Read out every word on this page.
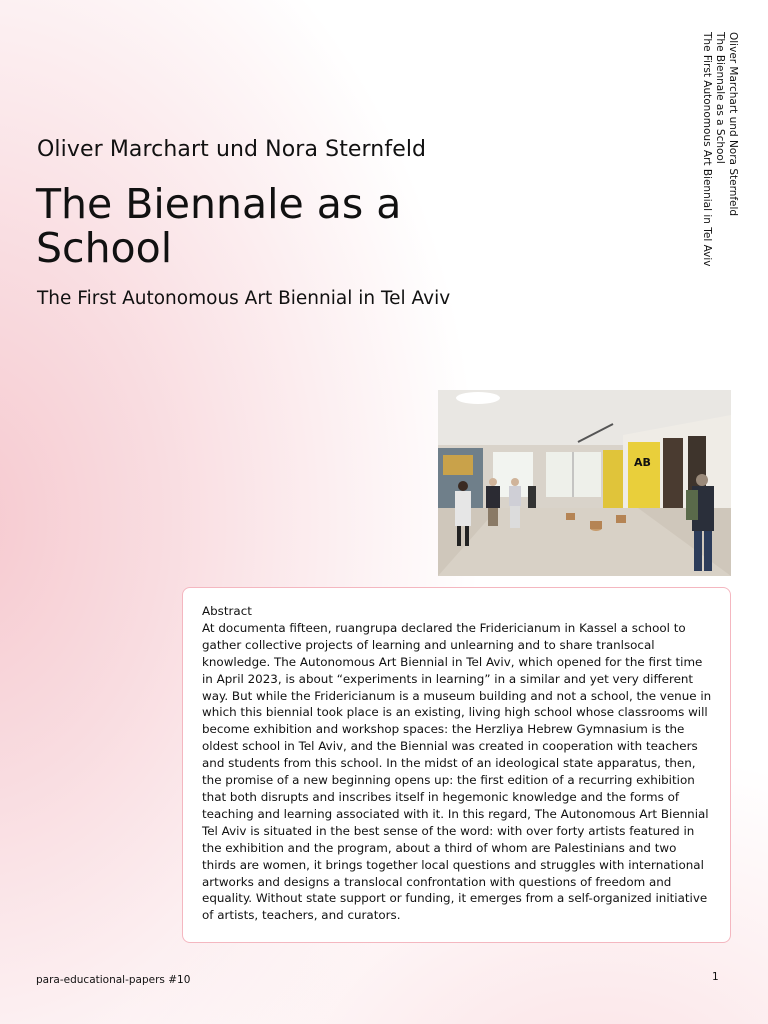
Oliver Marchart und Nora Sternfeld
The Biennale as a School
The First Autonomous Art Biennial in Tel Aviv
Oliver Marchart und Nora Sternfeld
The Biennale as a School
The First Autonomous Art Biennial in Tel Aviv
AB
Abstract
At documenta fifteen, ruangrupa declared the Fridericianum in Kassel a school to gather collective projects of learning and unlearning and to share tranlsocal knowledge. The Autonomous Art Biennial in Tel Aviv, which opened for the first time in April 2023, is about “experiments in learning” in a similar and yet very different way. But while the Fridericianum is a museum building and not a school, the venue in which this biennial took place is an existing, living high school whose classrooms will become exhibition and workshop spaces: the Herzliya Hebrew Gymnasium is the oldest school in Tel Aviv, and the Biennial was created in cooperation with teachers and students from this school. In the midst of an ideological state apparatus, then, the promise of a new beginning opens up: the first edition of a recurring exhibition that both disrupts and inscribes itself in hegemonic knowledge and the forms of teaching and learning associated with it. In this regard, The Autonomous Art Biennial Tel Aviv is situated in the best sense of the word: with over forty artists featured in the exhibition and the program, about a third of whom are Palestinians and two thirds are women, it brings together local questions and struggles with international artworks and designs a translocal confrontation with questions of freedom and equality. Without state support or funding, it emerges from a self-organized initiative of artists, teachers, and curators.
para-educational-papers #10	1
